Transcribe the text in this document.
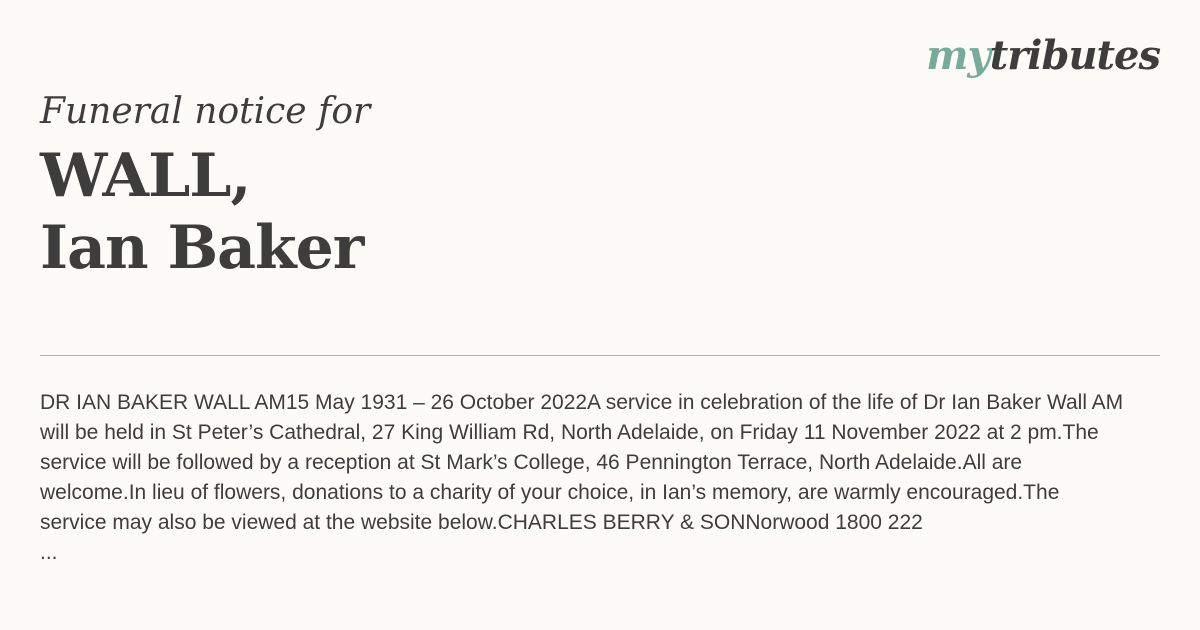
mytributes
Funeral notice for
WALL,
Ian Baker
DR IAN BAKER WALL AM15 May 1931 – 26 October 2022A service in celebration of the life of Dr Ian Baker Wall AM will be held in St Peter’s Cathedral, 27 King William Rd, North Adelaide, on Friday 11 November 2022 at 2 pm.The service will be followed by a reception at St Mark’s College, 46 Pennington Terrace, North Adelaide.All are welcome.In lieu of flowers, donations to a charity of your choice, in Ian’s memory, are warmly encouraged.The service may also be viewed at the website below.CHARLES BERRY & SONNorwood 1800 222
...
